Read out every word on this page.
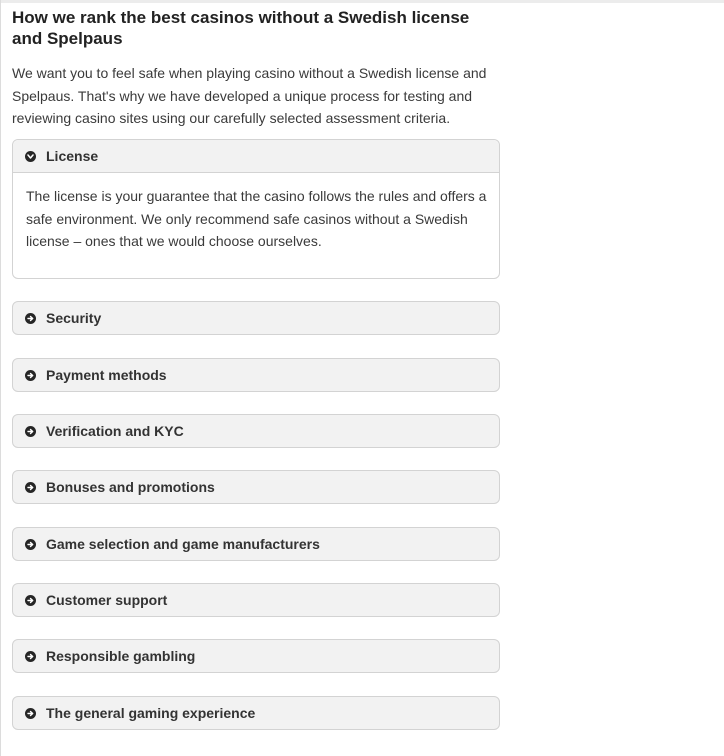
How we rank the best casinos without a Swedish license and Spelpaus

We want you to feel safe when playing casino without a Swedish license and Spelpaus. That's why we have developed a unique process for testing and reviewing casino sites using our carefully selected assessment criteria.

License
The license is your guarantee that the casino follows the rules and offers a safe environment. We only recommend safe casinos without a Swedish license – ones that we would choose ourselves.
Security
Payment methods
Verification and KYC
Bonuses and promotions
Game selection and game manufacturers
Customer support
Responsible gambling
The general gaming experience
